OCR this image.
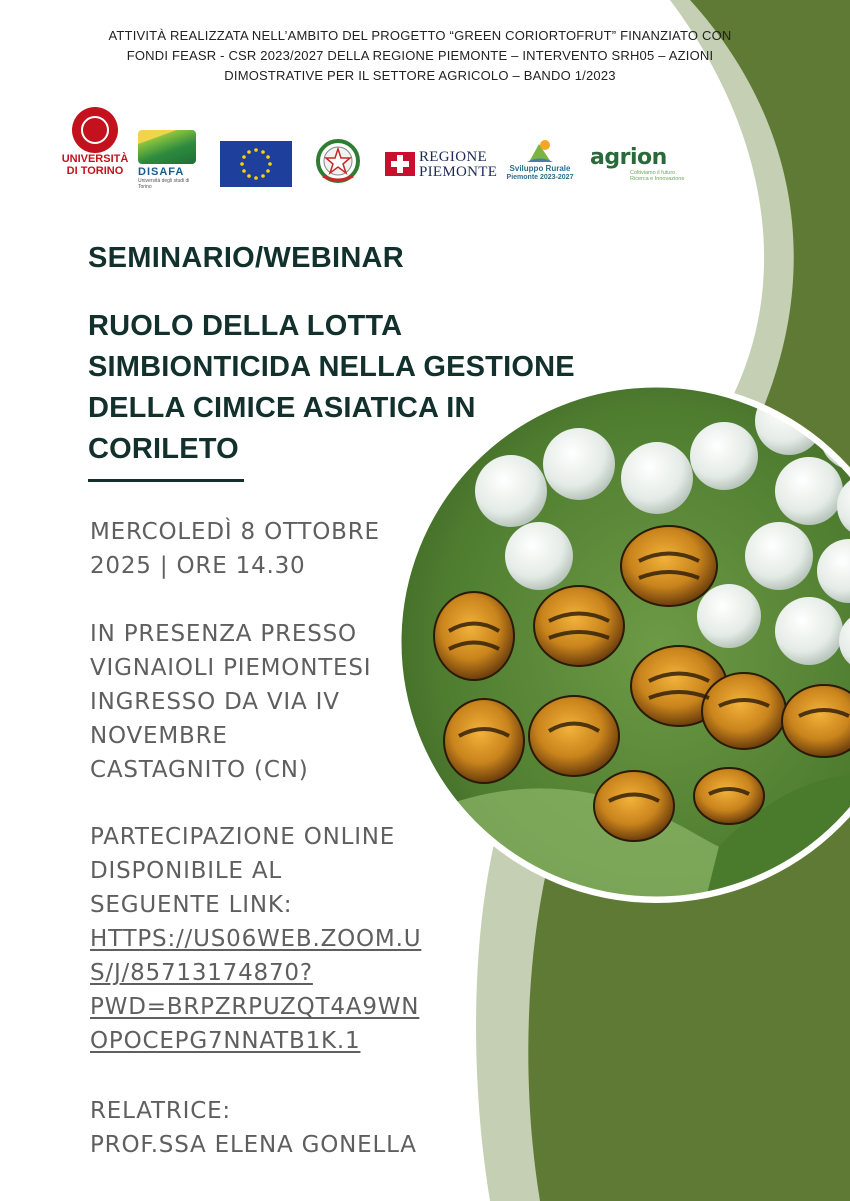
ATTIVITÀ REALIZZATA NELL’AMBITO DEL PROGETTO “GREEN CORIORTOFRUT” FINANZIATO CON
FONDI FEASR - CSR 2023/2027 DELLA REGIONE PIEMONTE – INTERVENTO SRH05 – AZIONI
DIMOSTRATIVE PER IL SETTORE AGRICOLO – BANDO 1/2023
UNIVERSITÀ
DI TORINO	DISAFA
Università degli studi di Torino
REGIONE
PIEMONTE	Sviluppo Rurale
Piemonte 2023-2027
agrion
Coltiviamo il futuro. Ricerca e Innovazione
SEMINARIO/WEBINAR
RUOLO DELLA LOTTA
SIMBIONTICIDA NELLA GESTIONE
DELLA CIMICE ASIATICA IN
CORILETO
MERCOLEDÌ 8 OTTOBRE
2025 | ORE 14.30
IN PRESENZA PRESSO
VIGNAIOLI PIEMONTESI
INGRESSO DA VIA IV
NOVEMBRE
CASTAGNITO (CN)
PARTECIPAZIONE ONLINE
DISPONIBILE AL
SEGUENTE LINK:
HTTPS://US06WEB.ZOOM.U
S/J/85713174870?
PWD=BRPZRPUZQT4A9WN
OPOCEPG7NNATB1K.1
RELATRICE:
PROF.SSA ELENA GONELLA
